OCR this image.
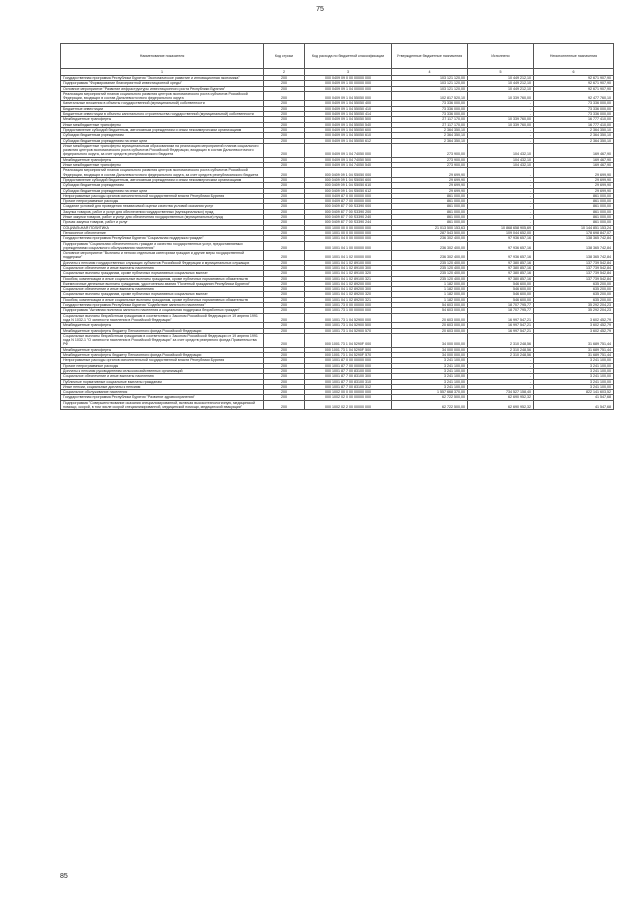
75
Наименование показателя	Код строки	Код расхода по бюджетной классификации	Утвержденные бюджетные назначения	Исполнено	Неисполненные назначения
1	2	3	4	5	6
Государственная программа Республики Бурятия "Экономическое развитие и инновационная экономика"	200	000 0409 09 0 00 00000 000	103 121 120,00	10 449 212,10	92 671 907,90
Подпрограмма "Формирование благоприятной инвестиционной среды"	200	000 0409 09 1 00 00000 000	103 121 120,00	10 449 212,10	92 671 907,90
Основное мероприятие "Развитие инфраструктуры инвестиционного роста Республики Бурятия"	200	000 0409 09 1 04 00000 000	103 121 120,00	10 449 212,10	92 671 907,90
Реализация мероприятий планов социального развития центров экономического роста субъектов Российской Федерации, входящих в состав Дальневосточного федерального округа	200	000 0409 09 1 04 55050 000	102 817 520,10	10 339 760,00	92 477 760,10
Капитальные вложения в объекты государственной (муниципальной) собственности	200	000 0409 09 1 04 55050 400	73 336 000,00	-	73 336 000,00
Бюджетные инвестиции	200	000 0409 09 1 04 55050 410	73 336 000,00	-	73 336 000,00
Бюджетные инвестиции в объекты капитального строительства государственной (муниципальной) собственности	200	000 0409 09 1 04 55050 414	73 336 000,00	-	73 336 000,00
Межбюджетные трансферты	200	000 0409 09 1 04 55050 500	27 117 170,00	10 339 760,00	16 777 410,00
Иные межбюджетные трансферты	200	000 0409 09 1 04 55050 540	27 117 170,00	10 339 760,00	16 777 410,00
Предоставление субсидий бюджетным, автономным учреждениям и иным некоммерческим организациям	200	000 0409 09 1 04 55050 600	2 364 350,10	-	2 364 350,10
Субсидии бюджетным учреждениям	200	000 0409 09 1 04 55050 610	2 364 350,10	-	2 364 350,10
Субсидии бюджетным учреждениям на иные цели	200	000 0409 09 1 04 55050 612	2 364 350,10	-	2 364 350,10
Иные межбюджетные трансферты муниципальным образованиям на реализацию мероприятий планов социального развития центров экономического роста субъектов Российской Федерации, входящих в состав Дальневосточного федерального округа, за счет средств республиканского бюджета	200	000 0409 09 1 04 74050 000	273 900,00	104 432,10	169 467,90
Межбюджетные трансферты	200	000 0409 09 1 04 74050 500	273 900,00	104 432,10	169 467,90
Иные межбюджетные трансферты	200	000 0409 09 1 04 74050 540	273 900,00	104 432,10	169 467,90
Реализация мероприятий планов социального развития центров экономического роста субъектов Российской Федерации, входящих в состав Дальневосточного федерального округа, за счет средств республиканского бюджета	200	000 0409 09 1 04 S5050 000	29 699,90	-	29 699,90
Предоставление субсидий бюджетным, автономным учреждениям и иным некоммерческим организациям	200	000 0409 09 1 04 S5050 600	29 699,90	-	29 699,90
Субсидии бюджетным учреждениям	200	000 0409 09 1 04 S5050 610	29 699,90	-	29 699,90
Субсидии бюджетным учреждениям на иные цели	200	000 0409 09 1 04 S5050 612	29 699,90	-	29 699,90
Непрограммные расходы органов исполнительной государственной власти Республики Бурятия	200	000 0409 87 0 00 00000 000	861 000,00	-	861 000,00
Прочие непрограммные расходы	200	000 0409 87 7 00 00000 000	861 000,00	-	861 000,00
Создание условий для проведения независимой оценки качества условий оказания услуг	200	000 0409 87 7 00 S3390 000	861 000,00	-	861 000,00
Закупка товаров, работ и услуг для обеспечения государственных (муниципальных) нужд	200	000 0409 87 7 00 S3390 200	861 000,00	-	861 000,00
Иные закупки товаров, работ и услуг для обеспечения государственных (муниципальных) нужд	200	000 0409 87 7 00 S3390 240	861 000,00	-	861 000,00
Прочая закупка товаров, работ и услуг	200	000 0409 87 7 00 S3390 244	861 000,00	-	861 000,00
СОЦИАЛЬНАЯ ПОЛИТИКА	200	000 1000 00 0 00 00000 000	21 013 500 153,63	10 868 658 905,69	10 144 851 153,24
Пенсионное обеспечение	200	000 1001 00 0 00 00000 000	287 543 500,00	109 044 652,00	178 698 847,07
Государственная программа Республики Бурятия "Социальная поддержка граждан"	200	000 1001 04 0 00 00000 000	236 302 400,00	97 936 657,16	138 365 742,84
Подпрограмма "Социальная обеспеченность граждан и качество государственных услуг, предоставляемых учреждениями социального обслуживания населения"	200	000 1001 04 1 00 00000 000	236 302 400,00	97 936 657,16	138 365 742,84
Основное мероприятие "Выплаты и пенсии отдельным категориям граждан и другие меры государственной поддержки"	200	000 1001 04 1 02 00000 000	236 302 400,00	97 936 657,16	138 365 742,84
Доплаты к пенсиям государственных служащих субъектов Российской Федерации и муниципальных служащих	200	000 1001 04 1 02 89100 000	235 120 400,00	97 380 857,16	137 739 542,84
Социальное обеспечение и иные выплаты населению	200	000 1001 04 1 02 89100 300	235 120 400,00	97 380 857,16	137 739 542,84
Социальные выплаты гражданам, кроме публичных нормативных социальных выплат	200	000 1001 04 1 02 89100 320	235 120 400,00	97 380 857,16	137 739 542,84
Пособия, компенсации и иные социальные выплаты гражданам, кроме публичных нормативных обязательств	200	000 1001 04 1 02 89100 321	235 120 400,00	97 380 857,16	137 739 542,84
Ежемесячные денежные выплаты гражданам, удостоенным звания "Почетный гражданин Республики Бурятия"	200	000 1001 04 1 02 89200 000	1 182 000,00	546 600,00	635 200,00
Социальное обеспечение и иные выплаты населению	200	000 1001 04 1 02 89200 300	1 182 000,00	546 600,00	635 200,00
Социальные выплаты гражданам, кроме публичных нормативных социальных выплат	200	000 1001 04 1 02 89200 320	1 182 000,00	546 600,00	635 200,00
Пособия, компенсации и иные социальные выплаты гражданам, кроме публичных нормативных обязательств	200	000 1001 04 1 02 89200 321	1 182 000,00	546 600,00	635 200,00
Государственная программа Республики Бурятия "Содействие занятости населения"	200	000 1001 73 0 00 00000 000	54 603 000,00	18 707 795,77	35 292 204,23
Подпрограмма "Активная политика занятости населения и социальная поддержка безработных граждан"	200	000 1001 73 1 00 00000 000	54 603 000,00	18 707 795,77	35 292 204,23
Социальные выплаты безработным гражданам в соответствии с Законом Российской Федерации от 19 апреля 1991 года N 1032-1 "О занятости населения в Российской Федерации"	200	000 1001 73 1 04 52900 000	20 603 000,00	16 997 547,21	3 602 452,79
Межбюджетные трансферты	200	000 1001 73 1 04 52900 500	20 603 000,00	16 997 547,21	3 602 452,79
Межбюджетные трансферты бюджету Пенсионного фонда Российской Федерации	200	000 1001 73 1 04 52900 570	20 603 000,00	16 997 547,21	3 602 452,79
Социальные выплаты безработным гражданам в соответствии с Законом Российской Федерации от 19 апреля 1991 года N 1032-1 "О занятости населения в Российской Федерации" за счет средств резервного фонда Правительства РФ	200	000 1001 73 1 04 5290F 000	34 000 000,00	2 310 248,56	31 689 751,44
Межбюджетные трансферты	200	000 1001 73 1 04 5290F 500	34 000 000,00	2 310 248,56	31 689 751,44
Межбюджетные трансферты бюджету Пенсионного фонда Российской Федерации	200	000 1001 73 1 04 5290F 570	34 000 000,00	2 310 248,56	31 689 751,44
Непрограммные расходы органов исполнительной государственной власти Республики Бурятия	200	000 1001 87 0 00 00000 000	3 241 100,00	-	3 241 100,00
Прочие непрограммные расходы	200	000 1001 87 7 00 00000 000	3 241 100,00	-	3 241 100,00
Доплаты к пенсиям руководителям сельскохозяйственных организаций	200	000 1001 87 7 00 83100 000	3 241 100,00	-	3 241 100,00
Социальное обеспечение и иные выплаты населению	200	000 1001 87 7 00 83100 300	3 241 100,00	-	3 241 100,00
Публичные нормативные социальные выплаты гражданам	200	000 1001 87 7 00 83100 310	3 241 100,00	-	3 241 100,00
Иные пенсии, социальные доплаты к пенсиям	200	000 1001 87 7 00 83100 312	3 241 100,00	-	3 241 100,00
Социальное обслуживание населения	200	000 1002 00 0 00 00000 000	1 557 668 370,00	734 527 158,40	822 141 603,52
Государственная программа Республики Бурятия "Развитие здравоохранения"	200	000 1002 02 0 00 00000 000	62 722 500,00	62 690 952,32	41 547,68
Подпрограмма "Совершенствование оказания специализированной, включая высокотехнологичную, медицинской помощи, скорой, в том числе скорой специализированной, медицинской помощи, медицинской эвакуации"	200	000 1002 02 2 00 00000 000	62 722 500,00	62 690 952,32	41 547,68
85
